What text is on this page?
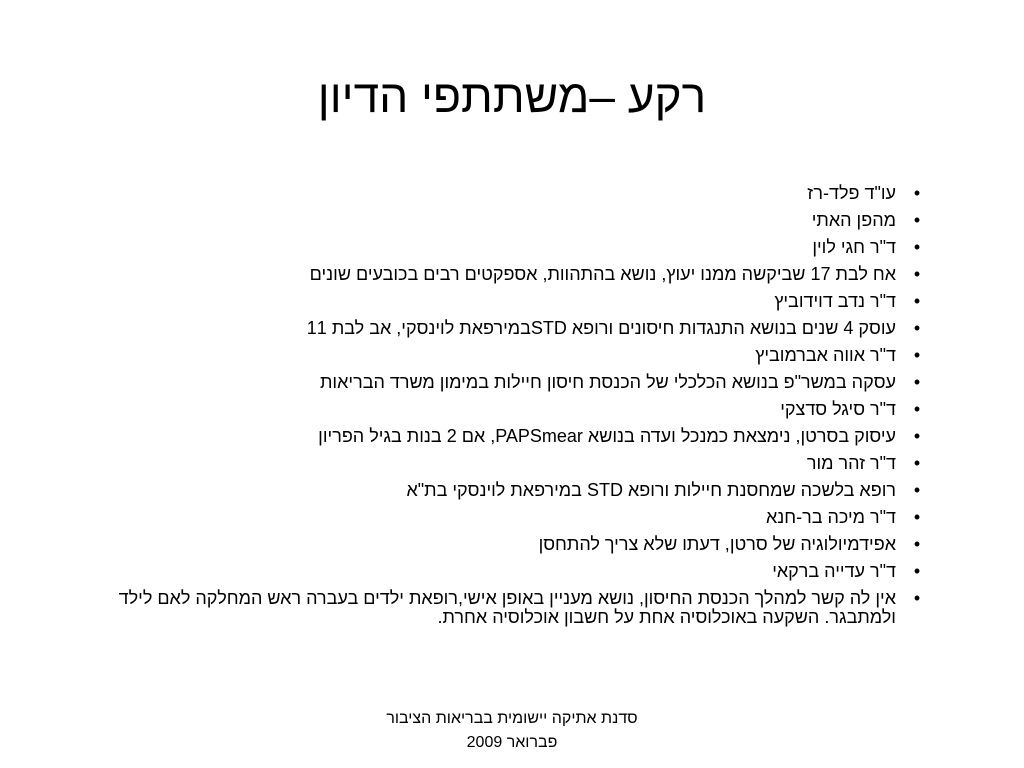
רקע –משתתפי הדיון
•
עו"ד פלד-רז
•
מהפן האתי
•
ד"ר חגי לוין
•
אח לבת 17 שביקשה ממנו יעוץ, נושא בהתהוות, אספקטים רבים בכובעים שונים
•
ד"ר נדב דוידוביץ
•
עוסק 4 שנים בנושא התנגדות חיסונים ורופא STDבמירפאת לוינסקי, אב לבת 11
•
ד"ר אווה אברמוביץ
•
עסקה במשר"פ בנושא הכלכלי של הכנסת חיסון חיילות במימון משרד הבריאות
•
ד"ר סיגל סדצקי
•
עיסוק בסרטן, נימצאת כמנכל ועדה בנושא PAPSmear, אם 2 בנות בגיל הפריון
•
ד"ר זהר מור
•
רופא בלשכה שמחסנת חיילות ורופא STD במירפאת לוינסקי בת"א
•
ד"ר מיכה בר-חנא
•
אפידמיולוגיה של סרטן, דעתו שלא צריך להתחסן
•
ד"ר עדייה ברקאי
•
אין לה קשר למהלך הכנסת החיסון, נושא מעניין באופן אישי,רופאת ילדים בעברה ראש המחלקה לאם לילד ולמתבגר. השקעה באוכלוסיה אחת על חשבון אוכלוסיה אחרת.
סדנת אתיקה יישומית בבריאות הציבור
פברואר 2009
